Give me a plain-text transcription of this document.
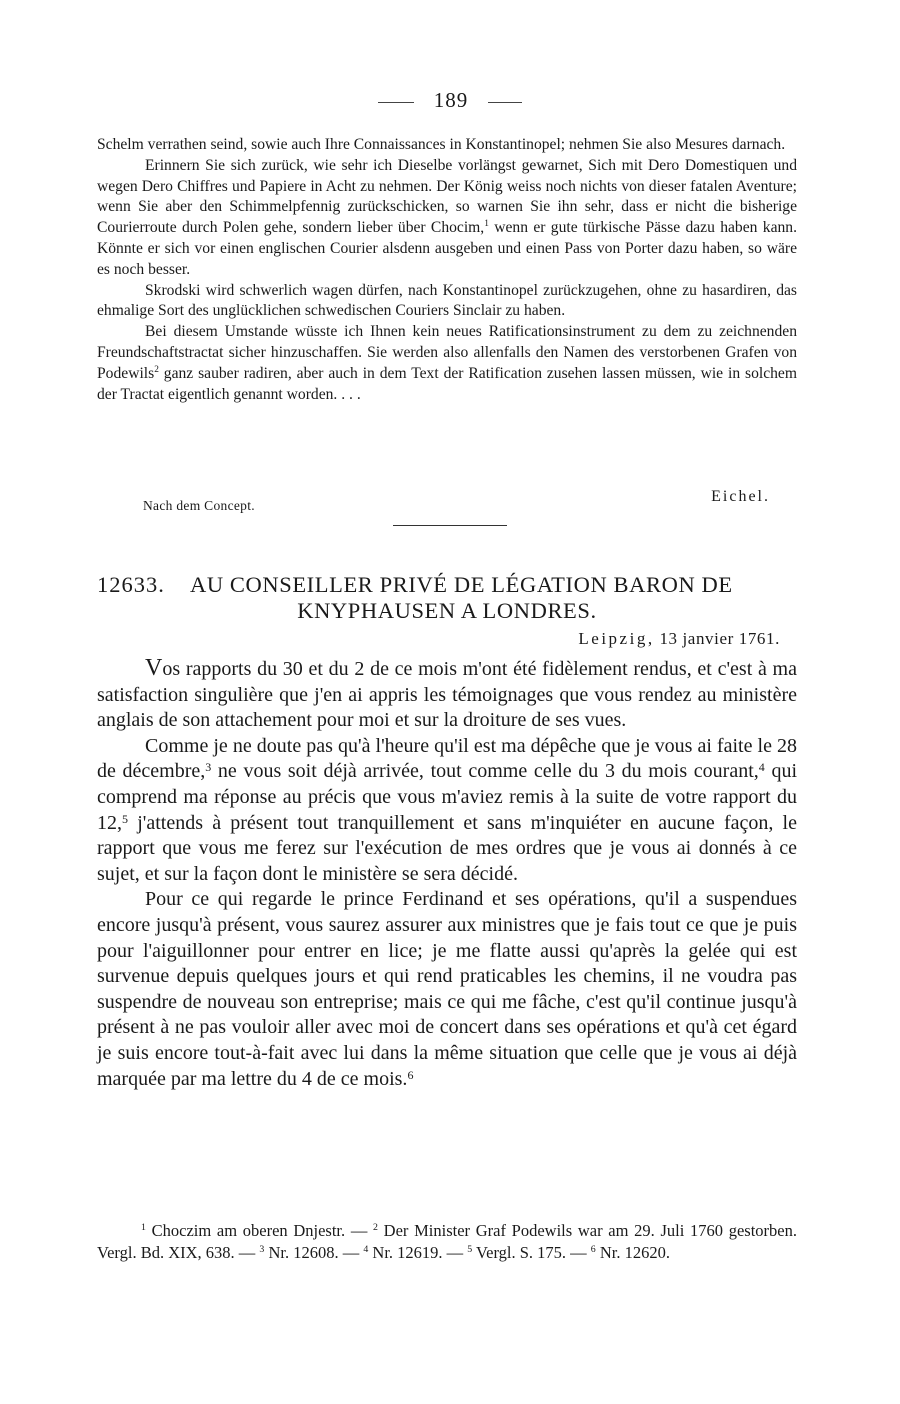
189

Schelm verrathen seind, sowie auch Ihre Connaissances in Konstantinopel; nehmen Sie also Mesures darnach.

Erinnern Sie sich zurück, wie sehr ich Dieselbe vorlängst gewarnet, Sich mit Dero Domestiquen und wegen Dero Chiffres und Papiere in Acht zu nehmen. Der König weiss noch nichts von dieser fatalen Aventure; wenn Sie aber den Schimmelpfennig zurückschicken, so warnen Sie ihn sehr, dass er nicht die bisherige Courierroute durch Polen gehe, sondern lieber über Chocim,$^1$ wenn er gute türkische Pässe dazu haben kann. Könnte er sich vor einen englischen Courier alsdenn ausgeben und einen Pass von Porter dazu haben, so wäre es noch besser.

Skrodski wird schwerlich wagen dürfen, nach Konstantinopel zurückzugehen, ohne zu hasardiren, das ehmalige Sort des unglücklichen schwedischen Couriers Sinclair zu haben.

Bei diesem Umstande wüsste ich Ihnen kein neues Ratificationsinstrument zu dem zu zeichnenden Freundschaftstractat sicher hinzuschaffen. Sie werden also allenfalls den Namen des verstorbenen Grafen von Podewils$^2$ ganz sauber radiren, aber auch in dem Text der Ratification zusehen lassen müssen, wie in solchem der Tractat eigentlich genannt worden. . . .

Nach dem Concept.
Eichel.
12633. AU CONSEILLER PRIVÉ DE LÉGATION BARON DE
KNYPHAUSEN A LONDRES.
Leipzig, 13 janvier 1761.

Vos rapports du 30 et du 2 de ce mois m'ont été fidèlement rendus, et c'est à ma satisfaction singulière que j'en ai appris les témoignages que vous rendez au ministère anglais de son attachement pour moi et sur la droiture de ses vues.

Comme je ne doute pas qu'à l'heure qu'il est ma dépêche que je vous ai faite le 28 de décembre,$^3$ ne vous soit déjà arrivée, tout comme celle du 3 du mois courant,$^4$ qui comprend ma réponse au précis que vous m'aviez remis à la suite de votre rapport du 12,$^5$ j'attends à présent tout tranquillement et sans m'inquiéter en aucune façon, le rapport que vous me ferez sur l'exécution de mes ordres que je vous ai donnés à ce sujet, et sur la façon dont le ministère se sera décidé.

Pour ce qui regarde le prince Ferdinand et ses opérations, qu'il a suspendues encore jusqu'à présent, vous saurez assurer aux ministres que je fais tout ce que je puis pour l'aiguillonner pour entrer en lice; je me flatte aussi qu'après la gelée qui est survenue depuis quelques jours et qui rend praticables les chemins, il ne voudra pas suspendre de nouveau son entreprise; mais ce qui me fâche, c'est qu'il continue jusqu'à présent à ne pas vouloir aller avec moi de concert dans ses opérations et qu'à cet égard je suis encore tout-à-fait avec lui dans la même situation que celle que je vous ai déjà marquée par ma lettre du 4 de ce mois.$^6$

$^1$ Choczim am oberen Dnjestr. — $^2$ Der Minister Graf Podewils war am 29. Juli 1760 gestorben. Vergl. Bd. XIX, 638. — $^3$ Nr. 12608. — $^4$ Nr. 12619. — $^5$ Vergl. S. 175. — $^6$ Nr. 12620.
